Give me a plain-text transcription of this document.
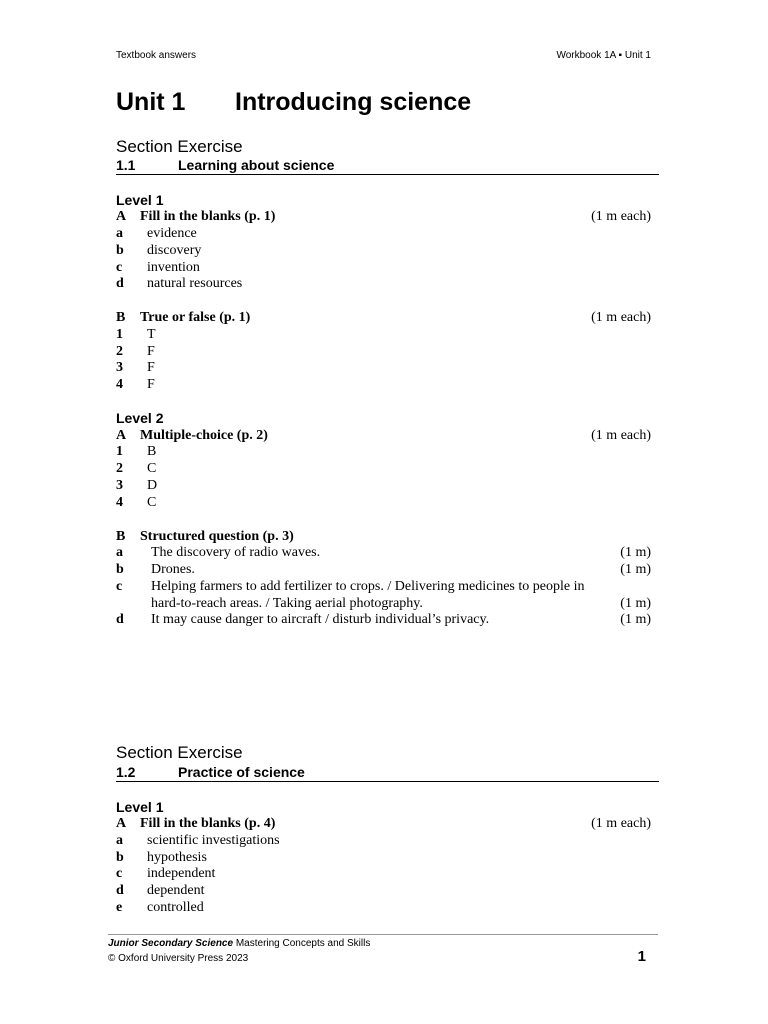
Textbook answers	Workbook 1A ▪ Unit 1
Unit 1 Introducing science
Section Exercise
1.1	Learning about science
Level 1
A Fill in the blanks (p. 1)	(1 m each)
a evidence
b discovery
c invention
d natural resources
B True or false (p. 1)	(1 m each)
1 T
2 F
3 F
4 F
Level 2
A Multiple-choice (p. 2)	(1 m each)
1 B
2 C
3 D
4 C
B Structured question (p. 3)
a The discovery of radio waves.	(1 m)
b Drones.	(1 m)
c Helping farmers to add fertilizer to crops. / Delivering medicines to people in
hard-to-reach areas. / Taking aerial photography.	(1 m)
d It may cause danger to aircraft / disturb individual’s privacy.	(1 m)
Section Exercise
1.2	Practice of science
Level 1
A Fill in the blanks (p. 4)	(1 m each)
a scientific investigations
b hypothesis
c independent
d dependent
e controlled
Junior Secondary Science Mastering Concepts and Skills
© Oxford University Press 2023	1
